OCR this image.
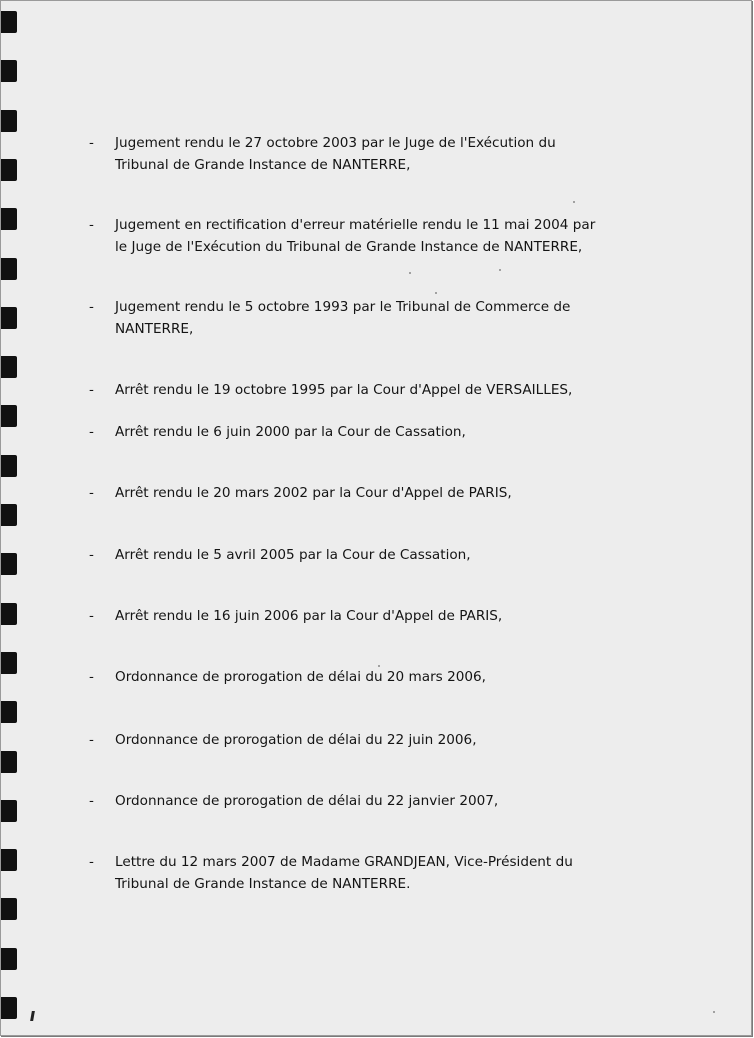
- Jugement rendu le 27 octobre 2003 par le Juge de l'Exécution du
Tribunal de Grande Instance de NANTERRE,
- Jugement en rectification d'erreur matérielle rendu le 11 mai 2004 par
le Juge de l'Exécution du Tribunal de Grande Instance de NANTERRE,
- Jugement rendu le 5 octobre 1993 par le Tribunal de Commerce de
NANTERRE,
- Arrêt rendu le 19 octobre 1995 par la Cour d'Appel de VERSAILLES,
- Arrêt rendu le 6 juin 2000 par la Cour de Cassation,
- Arrêt rendu le 20 mars 2002 par la Cour d'Appel de PARIS,
- Arrêt rendu le 5 avril 2005 par la Cour de Cassation,
- Arrêt rendu le 16 juin 2006 par la Cour d'Appel de PARIS,
- Ordonnance de prorogation de délai du 20 mars 2006,
- Ordonnance de prorogation de délai du 22 juin 2006,
- Ordonnance de prorogation de délai du 22 janvier 2007,
- Lettre du 12 mars 2007 de Madame GRANDJEAN, Vice-Président du
Tribunal de Grande Instance de NANTERRE.
